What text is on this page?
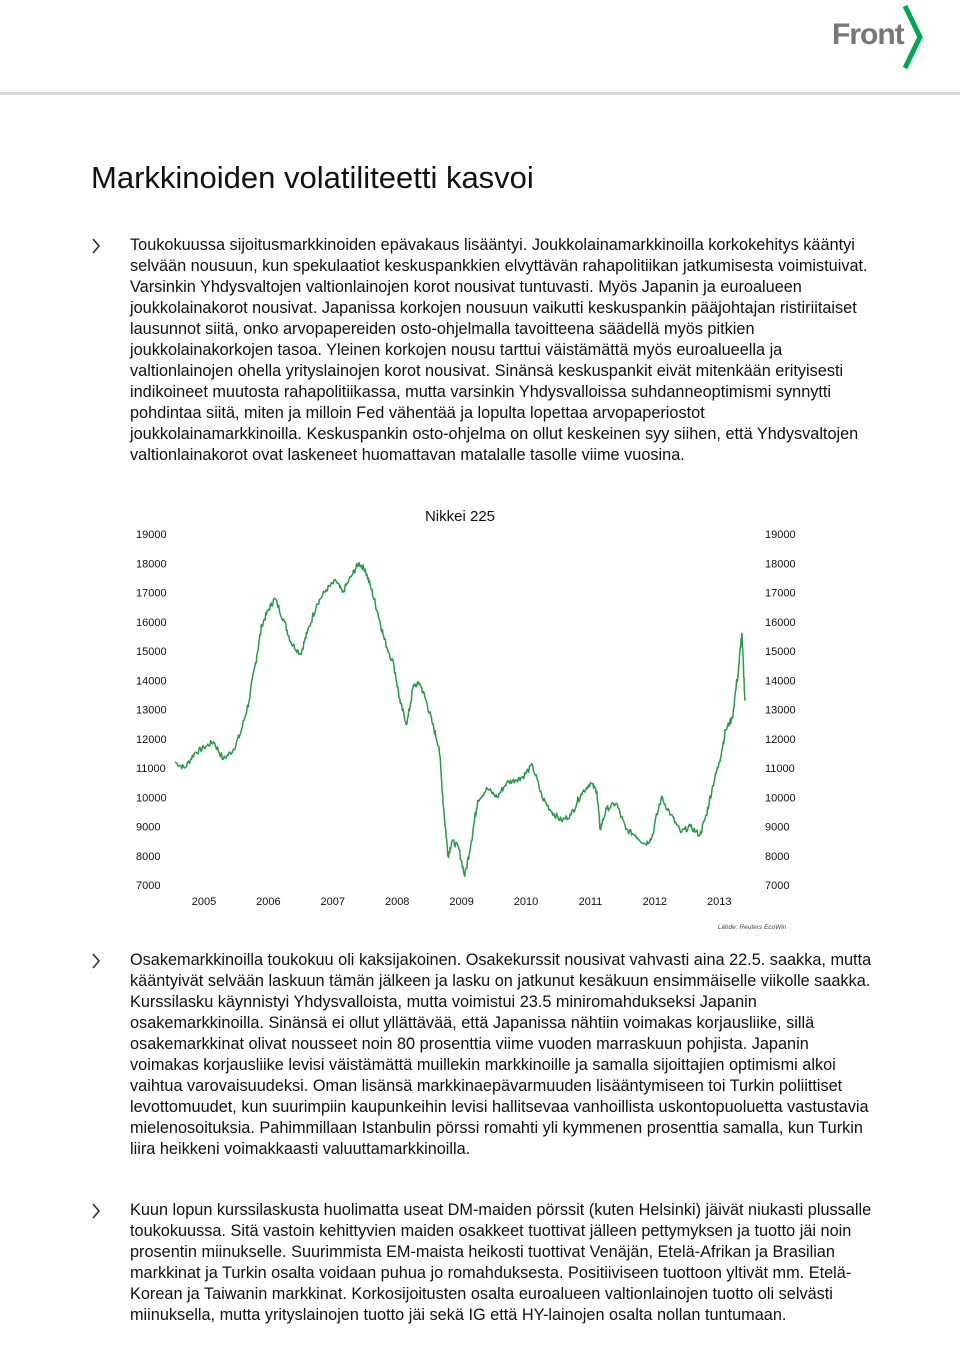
Front
Markkinoiden volatiliteetti kasvoi

Toukokuussa sijoitusmarkkinoiden epävakaus lisääntyi. Joukkolainamarkkinoilla korkokehitys kääntyi selvään nousuun, kun spekulaatiot keskuspankkien elvyttävän rahapolitiikan jatkumisesta voimistuivat. Varsinkin Yhdysvaltojen valtionlainojen korot nousivat tuntuvasti. Myös Japanin ja euroalueen joukkolainakorot nousivat. Japanissa korkojen nousuun vaikutti keskuspankin pääjohtajan ristiriitaiset lausunnot siitä, onko arvopapereiden osto-ohjelmalla tavoitteena säädellä myös pitkien joukkolainakorkojen tasoa. Yleinen korkojen nousu tarttui väistämättä myös euroalueella ja valtionlainojen ohella yrityslainojen korot nousivat. Sinänsä keskuspankit eivät mitenkään erityisesti indikoineet muutosta rahapolitiikassa, mutta varsinkin Yhdysvalloissa suhdanneoptimismi synnytti pohdintaa siitä, miten ja milloin Fed vähentää ja lopulta lopettaa arvopaperiostot joukkolainamarkkinoilla. Keskuspankin osto-ohjelma on ollut keskeinen syy siihen, että Yhdysvaltojen valtionlainakorot ovat laskeneet huomattavan matalalle tasolle viime vuosina.

Nikkei 225
7000
8000
9000
10000
11000
12000
13000
14000
15000
16000
17000
18000
19000
7000
8000
9000
10000
11000
12000
13000
14000
15000
16000
17000
18000
19000
2005	2006	2007	2008	2009	2010	2011	2012	2013
Lähde: Reuters EcoWin

Osakemarkkinoilla toukokuu oli kaksijakoinen. Osakekurssit nousivat vahvasti aina 22.5. saakka, mutta kääntyivät selvään laskuun tämän jälkeen ja lasku on jatkunut kesäkuun ensimmäiselle viikolle saakka. Kurssilasku käynnistyi Yhdysvalloista, mutta voimistui 23.5 miniromahdukseksi Japanin osakemarkkinoilla. Sinänsä ei ollut yllättävää, että Japanissa nähtiin voimakas korjausliike, sillä osakemarkkinat olivat nousseet noin 80 prosenttia viime vuoden marraskuun pohjista. Japanin voimakas korjausliike levisi väistämättä muillekin markkinoille ja samalla sijoittajien optimismi alkoi vaihtua varovaisuudeksi. Oman lisänsä markkinaepävarmuuden lisääntymiseen toi Turkin poliittiset levottomuudet, kun suurimpiin kaupunkeihin levisi hallitsevaa vanhoillista uskontopuoluetta vastustavia mielenosoituksia. Pahimmillaan Istanbulin pörssi romahti yli kymmenen prosenttia samalla, kun Turkin liira heikkeni voimakkaasti valuuttamarkkinoilla.

Kuun lopun kurssilaskusta huolimatta useat DM-maiden pörssit (kuten Helsinki) jäivät niukasti plussalle toukokuussa. Sitä vastoin kehittyvien maiden osakkeet tuottivat jälleen pettymyksen ja tuotto jäi noin prosentin miinukselle. Suurimmista EM-maista heikosti tuottivat Venäjän, Etelä-Afrikan ja Brasilian markkinat ja Turkin osalta voidaan puhua jo romahduksesta. Positiiviseen tuottoon yltivät mm. Etelä-Korean ja Taiwanin markkinat. Korkosijoitusten osalta euroalueen valtionlainojen tuotto oli selvästi miinuksella, mutta yrityslainojen tuotto jäi sekä IG että HY-lainojen osalta nollan tuntumaan.
